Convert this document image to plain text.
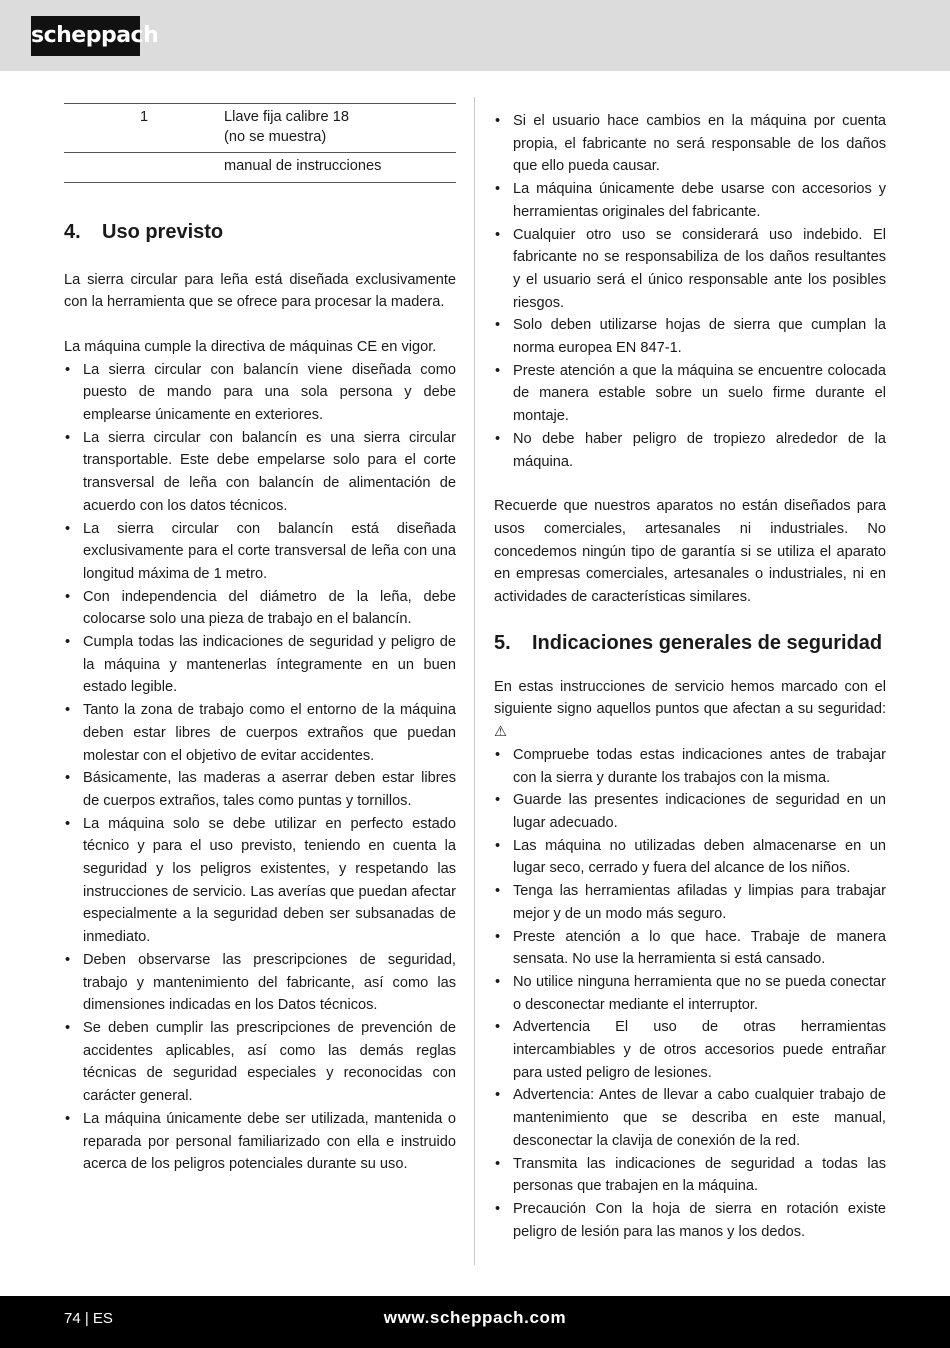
scheppach
1	Llave fija calibre 18
(no se muestra)
	manual de instrucciones
4. Uso previsto

La sierra circular para leña está diseñada exclusivamente con la herramienta que se ofrece para procesar la madera.

La máquina cumple la directiva de máquinas CE en vigor.

• La sierra circular con balancín viene diseñada como puesto de mando para una sola persona y debe emplearse únicamente en exteriores.
• La sierra circular con balancín es una sierra circular transportable. Este debe empelarse solo para el corte transversal de leña con balancín de alimentación de acuerdo con los datos técnicos.
• La sierra circular con balancín está diseñada exclusivamente para el corte transversal de leña con una longitud máxima de 1 metro.
• Con independencia del diámetro de la leña, debe colocarse solo una pieza de trabajo en el balancín.
• Cumpla todas las indicaciones de seguridad y peligro de la máquina y mantenerlas íntegramente en un buen estado legible.
• Tanto la zona de trabajo como el entorno de la máquina deben estar libres de cuerpos extraños que puedan molestar con el objetivo de evitar accidentes.
• Básicamente, las maderas a aserrar deben estar libres de cuerpos extraños, tales como puntas y tornillos.
• La máquina solo se debe utilizar en perfecto estado técnico y para el uso previsto, teniendo en cuenta la seguridad y los peligros existentes, y respetando las instrucciones de servicio. Las averías que puedan afectar especialmente a la seguridad deben ser subsanadas de inmediato.
• Deben observarse las prescripciones de seguridad, trabajo y mantenimiento del fabricante, así como las dimensiones indicadas en los Datos técnicos.
• Se deben cumplir las prescripciones de prevención de accidentes aplicables, así como las demás reglas técnicas de seguridad especiales y reconocidas con carácter general.
• La máquina únicamente debe ser utilizada, mantenida o reparada por personal familiarizado con ella e instruido acerca de los peligros potenciales durante su uso.
• Si el usuario hace cambios en la máquina por cuenta propia, el fabricante no será responsable de los daños que ello pueda causar.
• La máquina únicamente debe usarse con accesorios y herramientas originales del fabricante.
• Cualquier otro uso se considerará uso indebido. El fabricante no se responsabiliza de los daños resultantes y el usuario será el único responsable ante los posibles riesgos.
• Solo deben utilizarse hojas de sierra que cumplan la norma europea EN 847-1.
• Preste atención a que la máquina se encuentre colocada de manera estable sobre un suelo firme durante el montaje.
• No debe haber peligro de tropiezo alrededor de la máquina.

Recuerde que nuestros aparatos no están diseñados para usos comerciales, artesanales ni industriales. No concedemos ningún tipo de garantía si se utiliza el aparato en empresas comerciales, artesanales o industriales, ni en actividades de características similares.

5. Indicaciones generales de seguridad

En estas instrucciones de servicio hemos marcado con el siguiente signo aquellos puntos que afectan a su seguridad: ⚠

• Compruebe todas estas indicaciones antes de trabajar con la sierra y durante los trabajos con la misma.
• Guarde las presentes indicaciones de seguridad en un lugar adecuado.
• Las máquina no utilizadas deben almacenarse en un lugar seco, cerrado y fuera del alcance de los niños.
• Tenga las herramientas afiladas y limpias para trabajar mejor y de un modo más seguro.
• Preste atención a lo que hace. Trabaje de manera sensata. No use la herramienta si está cansado.
• No utilice ninguna herramienta que no se pueda conectar o desconectar mediante el interruptor.
• Advertencia El uso de otras herramientas intercambiables y de otros accesorios puede entrañar para usted peligro de lesiones.
• Advertencia: Antes de llevar a cabo cualquier trabajo de mantenimiento que se describa en este manual, desconectar la clavija de conexión de la red.
• Transmita las indicaciones de seguridad a todas las personas que trabajen en la máquina.
• Precaución Con la hoja de sierra en rotación existe peligro de lesión para las manos y los dedos.
74 | ES	www.scheppach.com
